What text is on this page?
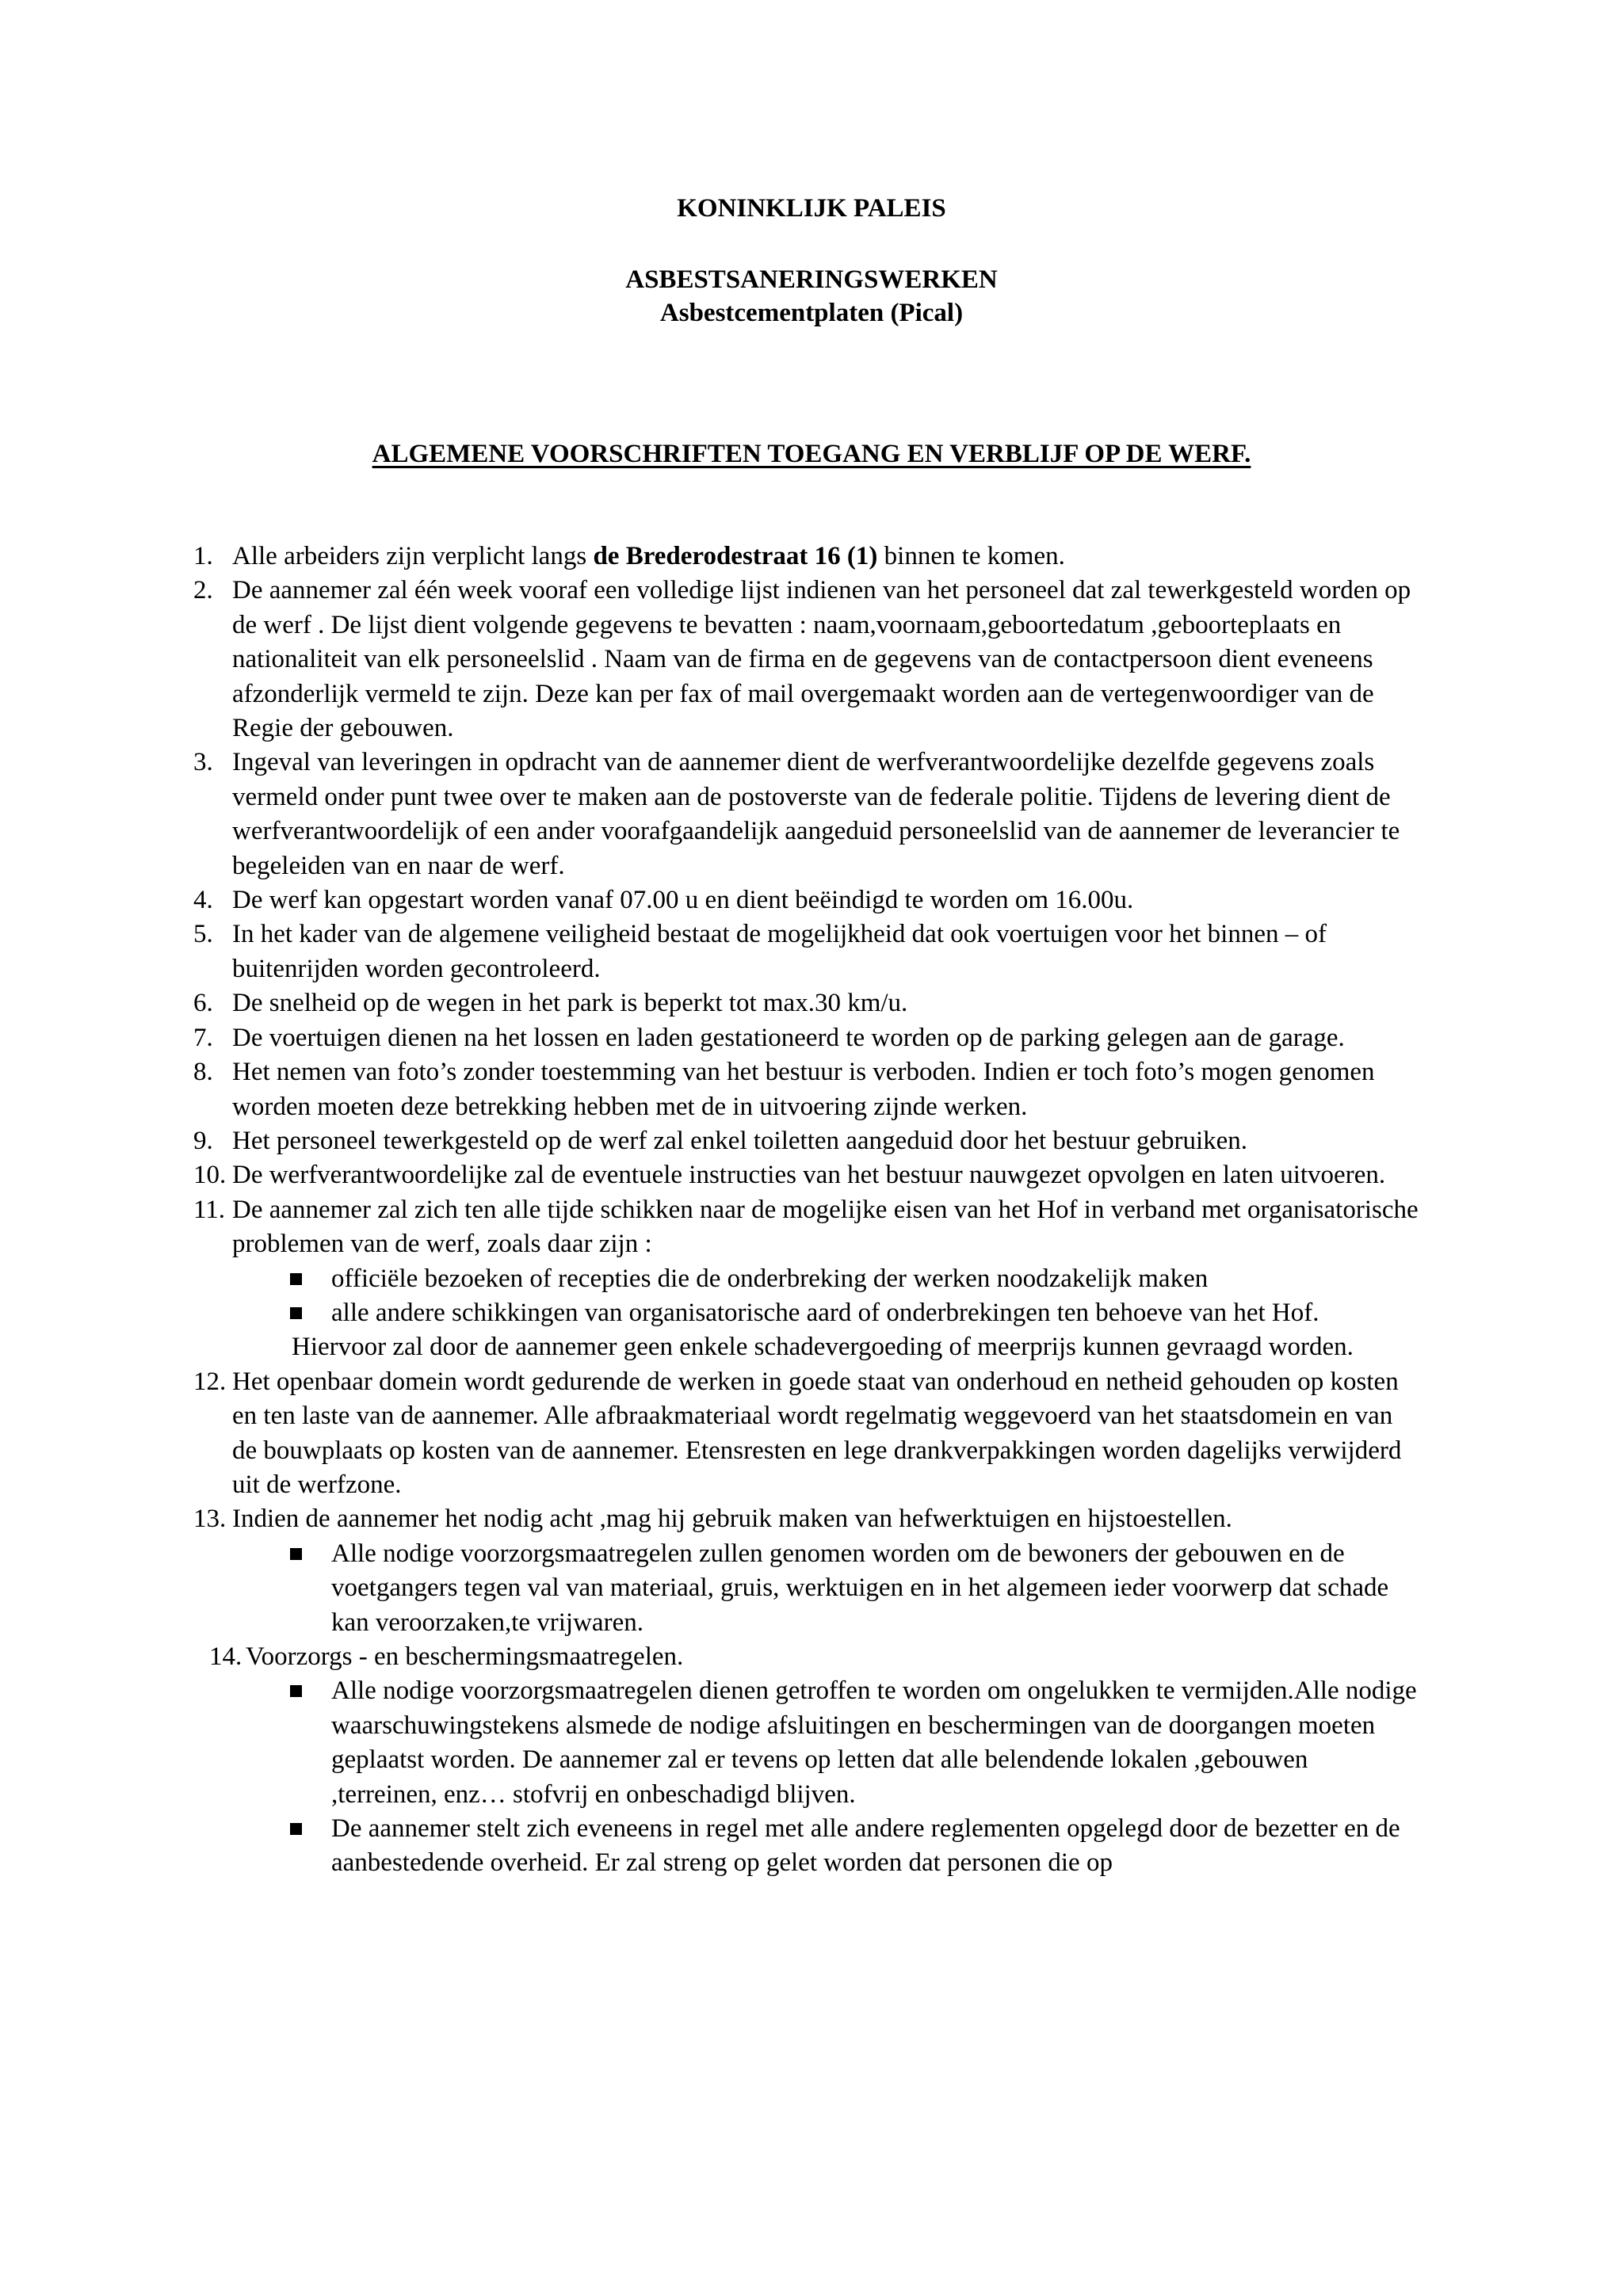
KONINKLIJK PALEIS
ASBESTSANERINGSWERKEN
Asbestcementplaten (Pical)
ALGEMENE VOORSCHRIFTEN TOEGANG EN VERBLIJF OP DE WERF.
1. Alle arbeiders zijn verplicht langs de Brederodestraat 16 (1) binnen te komen.
2. De aannemer zal één week vooraf een volledige lijst indienen van het personeel dat zal tewerkgesteld worden op de werf . De lijst dient volgende gegevens te bevatten : naam,voornaam,geboortedatum ,geboorteplaats en nationaliteit van elk personeelslid . Naam van de firma en de gegevens van de contactpersoon dient eveneens afzonderlijk vermeld te zijn. Deze kan per fax of mail overgemaakt worden aan de vertegenwoordiger van de Regie der gebouwen.
3. Ingeval van leveringen in opdracht van de aannemer dient de werfverantwoordelijke dezelfde gegevens zoals vermeld onder punt twee over te maken aan de postoverste van de federale politie. Tijdens de levering dient de werfverantwoordelijk of een ander voorafgaandelijk aangeduid personeelslid van de aannemer de leverancier te begeleiden van en naar de werf.
4. De werf kan opgestart worden vanaf 07.00 u en dient beëindigd te worden om 16.00u.
5. In het kader van de algemene veiligheid bestaat de mogelijkheid dat ook voertuigen voor het binnen – of buitenrijden worden gecontroleerd.
6. De snelheid op de wegen in het park is beperkt tot max.30 km/u.
7. De voertuigen dienen na het lossen en laden gestationeerd te worden op de parking gelegen aan de garage.
8. Het nemen van foto’s zonder toestemming van het bestuur is verboden. Indien er toch foto’s mogen genomen worden moeten deze betrekking hebben met de in uitvoering zijnde werken.
9. Het personeel tewerkgesteld op de werf zal enkel toiletten aangeduid door het bestuur gebruiken.
10. De werfverantwoordelijke zal de eventuele instructies van het bestuur nauwgezet opvolgen en laten uitvoeren.
11. De aannemer zal zich ten alle tijde schikken naar de mogelijke eisen van het Hof in verband met organisatorische problemen van de werf, zoals daar zijn :
officiële bezoeken of recepties die de onderbreking der werken noodzakelijk maken
alle andere schikkingen van organisatorische aard of onderbrekingen ten behoeve van het Hof.
Hiervoor zal door de aannemer geen enkele schadevergoeding of meerprijs kunnen gevraagd worden.
12. Het openbaar domein wordt gedurende de werken in goede staat van onderhoud en netheid gehouden op kosten en ten laste van de aannemer. Alle afbraakmateriaal wordt regelmatig weggevoerd van het staatsdomein en van de bouwplaats op kosten van de aannemer. Etensresten en lege drankverpakkingen worden dagelijks verwijderd uit de werfzone.
13. Indien de aannemer het nodig acht ,mag hij gebruik maken van hefwerktuigen en hijstoestellen.
Alle nodige voorzorgsmaatregelen zullen genomen worden om de bewoners der gebouwen en de voetgangers tegen val van materiaal, gruis, werktuigen en in het algemeen ieder voorwerp dat schade kan veroorzaken,te vrijwaren.
14. Voorzorgs - en beschermingsmaatregelen.
Alle nodige voorzorgsmaatregelen dienen getroffen te worden om ongelukken te vermijden.Alle nodige waarschuwingstekens alsmede de nodige afsluitingen en beschermingen van de doorgangen moeten geplaatst worden. De aannemer zal er tevens op letten dat alle belendende lokalen ,gebouwen ,terreinen, enz… stofvrij en onbeschadigd blijven.
De aannemer stelt zich eveneens in regel met alle andere reglementen opgelegd door de bezetter en de aanbestedende overheid. Er zal streng op gelet worden dat personen die op
